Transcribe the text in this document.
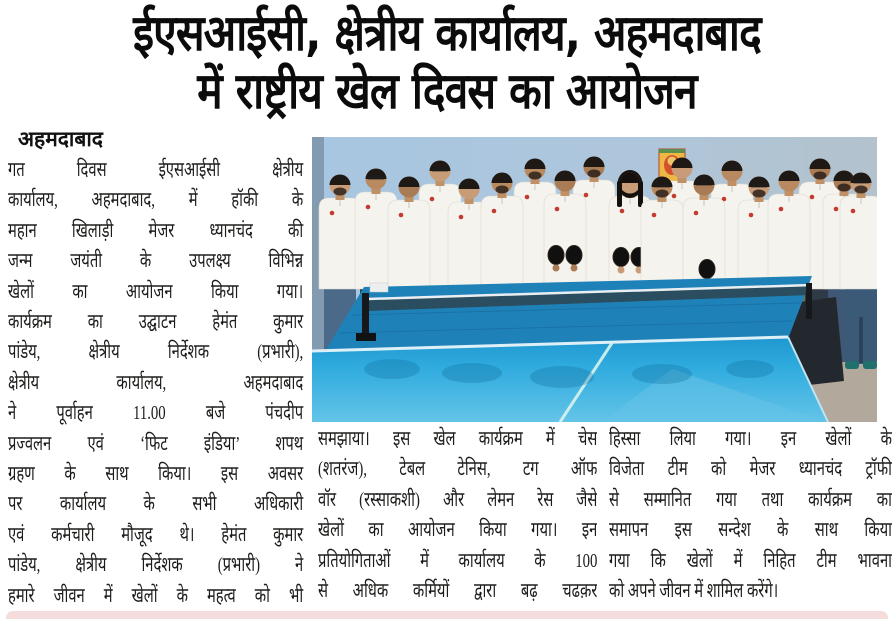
ईएसआईसी, क्षेत्रीय कार्यालय, अहमदाबाद
में राष्ट्रीय खेल दिवस का आयोजन
अहमदाबाद
गत दिवस ईएसआईसी क्षेत्रीय
कार्यालय, अहमदाबाद, में हॉकी के
महान खिलाड़ी मेजर ध्यानचंद की
जन्म जयंती के उपलक्ष्य विभिन्न
खेलों का आयोजन किया गया।
कार्यक्रम का उद्घाटन हेमंत कुमार
पांडेय, क्षेत्रीय निर्देशक (प्रभारी),
क्षेत्रीय कार्यालय, अहमदाबाद
ने पूर्वाहन 11.00 बजे पंचदीप
प्रज्वलन एवं ‘फिट इंडिया’ शपथ
ग्रहण के साथ किया। इस अवसर
पर कार्यालय के सभी अधिकारी
एवं कर्मचारी मौजूद थे। हेमंत कुमार
पांडेय, क्षेत्रीय निर्देशक (प्रभारी) ने
हमारे जीवन में खेलों के महत्व को भी
समझाया। इस खेल कार्यक्रम में चेस
(शतरंज), टेबल टेनिस, टग ऑफ
वॉर (रस्साकशी) और लेमन रेस जैसे
खेलों का आयोजन किया गया। इन
प्रतियोगिताओं में कार्यालय के 100
से अधिक कर्मियों द्वारा बढ़ चढक़र
हिस्सा लिया गया। इन खेलों के
विजेता टीम को मेजर ध्यानचंद ट्रॉफी
से सम्मानित गया तथा कार्यक्रम का
समापन इस सन्देश के साथ किया
गया कि खेलों में निहित टीम भावना
को अपने जीवन में शामिल करेंगे।
